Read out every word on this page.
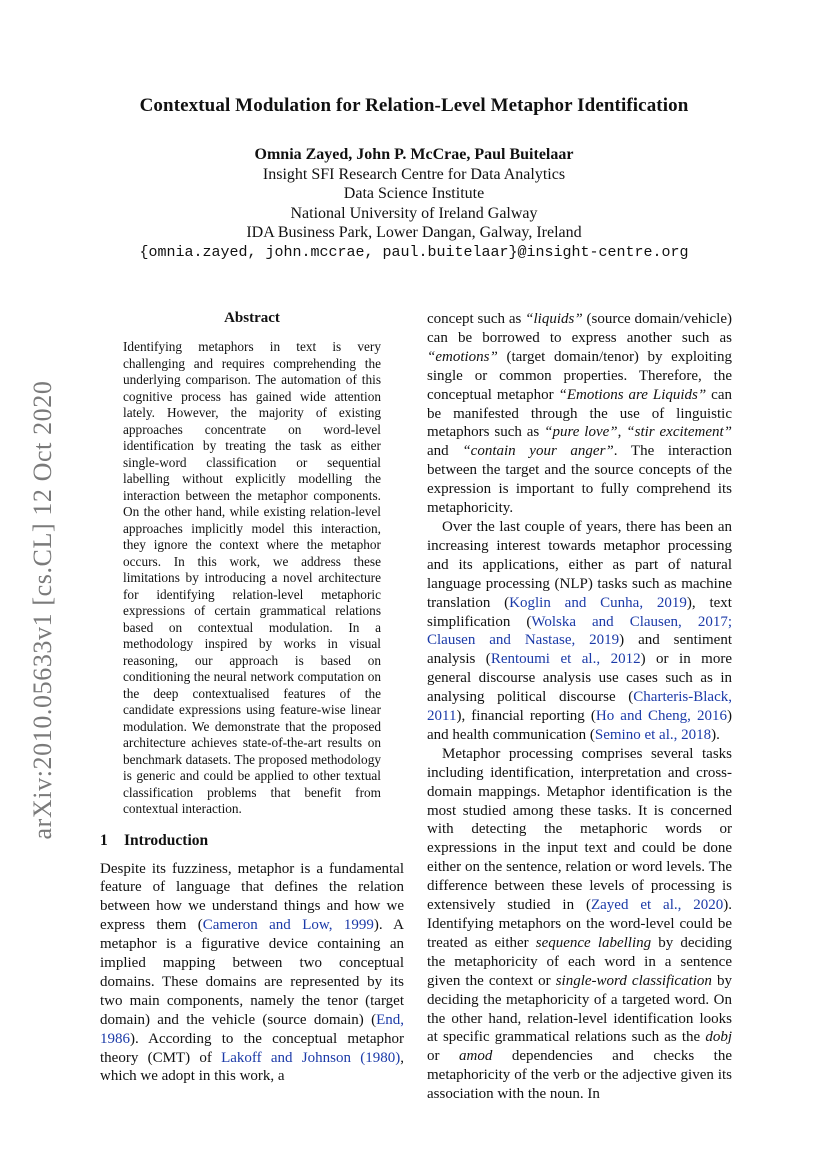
Contextual Modulation for Relation-Level Metaphor Identification
Omnia Zayed, John P. McCrae, Paul Buitelaar
Insight SFI Research Centre for Data Analytics
Data Science Institute
National University of Ireland Galway
IDA Business Park, Lower Dangan, Galway, Ireland
{omnia.zayed, john.mccrae, paul.buitelaar}@insight-centre.org
arXiv:2010.05633v1 [cs.CL] 12 Oct 2020
Abstract
Identifying metaphors in text is very challenging and requires comprehending the underlying comparison. The automation of this cognitive process has gained wide attention lately. However, the majority of existing approaches concentrate on word-level identification by treating the task as either single-word classification or sequential labelling without explicitly modelling the interaction between the metaphor components. On the other hand, while existing relation-level approaches implicitly model this interaction, they ignore the context where the metaphor occurs. In this work, we address these limitations by introducing a novel architecture for identifying relation-level metaphoric expressions of certain grammatical relations based on contextual modulation. In a methodology inspired by works in visual reasoning, our approach is based on conditioning the neural network computation on the deep contextualised features of the candidate expressions using feature-wise linear modulation. We demonstrate that the proposed architecture achieves state-of-the-art results on benchmark datasets. The proposed methodology is generic and could be applied to other textual classification problems that benefit from contextual interaction.
1 Introduction

Despite its fuzziness, metaphor is a fundamental feature of language that defines the relation between how we understand things and how we express them (Cameron and Low, 1999). A metaphor is a figurative device containing an implied mapping between two conceptual domains. These domains are represented by its two main components, namely the tenor (target domain) and the vehicle (source domain) (End, 1986). According to the conceptual metaphor theory (CMT) of Lakoff and Johnson (1980), which we adopt in this work, a

concept such as “liquids” (source domain/vehicle) can be borrowed to express another such as “emotions” (target domain/tenor) by exploiting single or common properties. Therefore, the conceptual metaphor “Emotions are Liquids” can be manifested through the use of linguistic metaphors such as “pure love”, “stir excitement” and “contain your anger”. The interaction between the target and the source concepts of the expression is important to fully comprehend its metaphoricity.

Over the last couple of years, there has been an increasing interest towards metaphor processing and its applications, either as part of natural language processing (NLP) tasks such as machine translation (Koglin and Cunha, 2019), text simplification (Wolska and Clausen, 2017; Clausen and Nastase, 2019) and sentiment analysis (Rentoumi et al., 2012) or in more general discourse analysis use cases such as in analysing political discourse (Charteris-Black, 2011), financial reporting (Ho and Cheng, 2016) and health communication (Semino et al., 2018).

Metaphor processing comprises several tasks including identification, interpretation and cross-domain mappings. Metaphor identification is the most studied among these tasks. It is concerned with detecting the metaphoric words or expressions in the input text and could be done either on the sentence, relation or word levels. The difference between these levels of processing is extensively studied in (Zayed et al., 2020). Identifying metaphors on the word-level could be treated as either sequence labelling by deciding the metaphoricity of each word in a sentence given the context or single-word classification by deciding the metaphoricity of a targeted word. On the other hand, relation-level identification looks at specific grammatical relations such as the dobj or amod dependencies and checks the metaphoricity of the verb or the adjective given its association with the noun. In
